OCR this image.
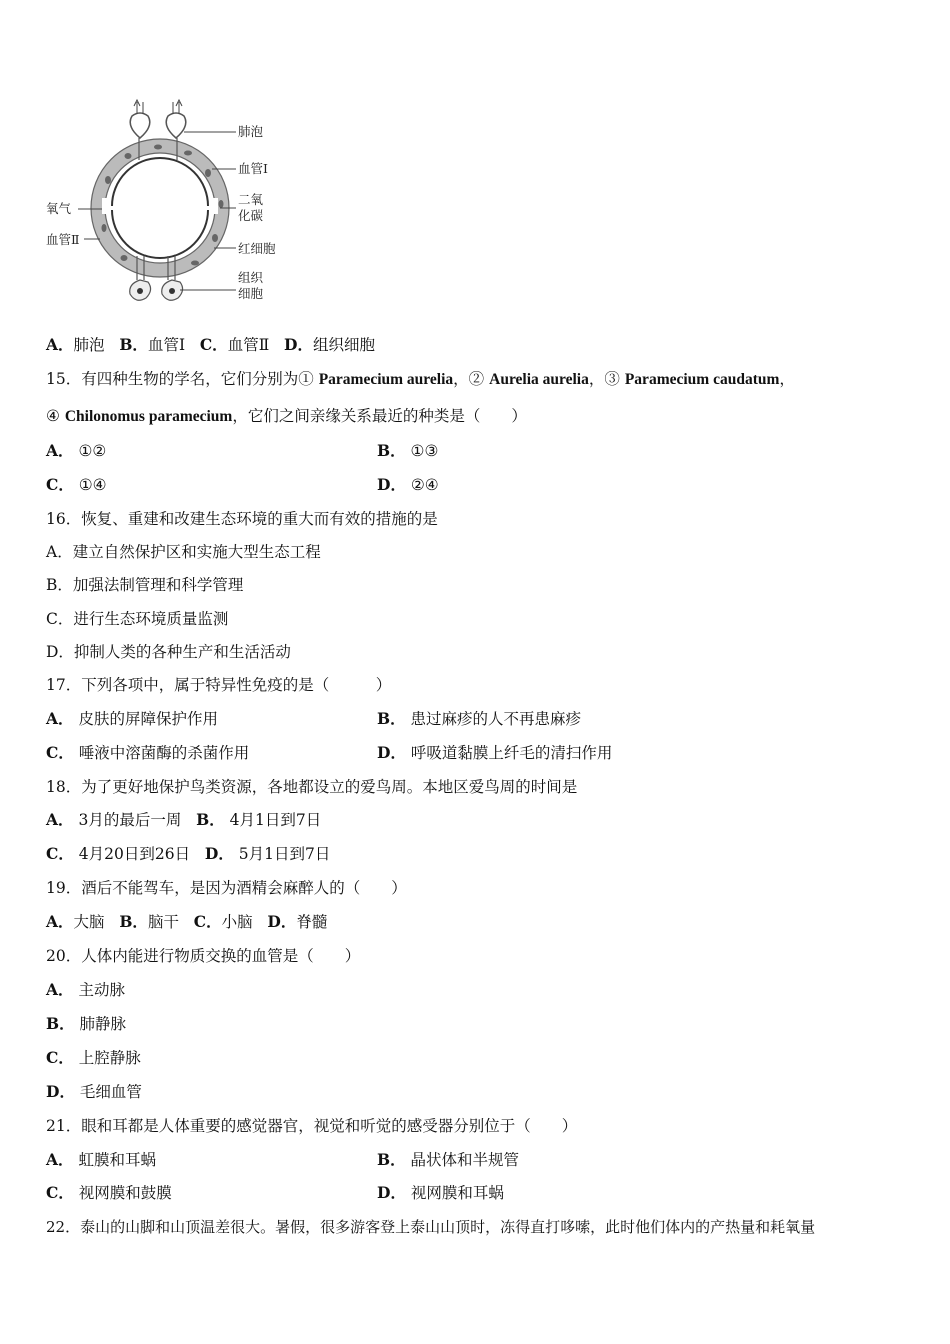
肺泡
血管Ⅰ
二氧
化碳
红细胞
组织
细胞
氧气
血管Ⅱ
A．肺泡 B．血管Ⅰ C．血管Ⅱ D．组织细胞
15．有四种生物的学名，它们分别为① Paramecium aurelia，② Aurelia aurelia，③ Paramecium caudatum，
④ Chilonomus paramecium，它们之间亲缘关系最近的种类是（　　）
A． ①②	B． ①③
C． ①④	D． ②④
16．恢复、重建和改建生态环境的重大而有效的措施的是
A．建立自然保护区和实施大型生态工程
B．加强法制管理和科学管理
C．进行生态环境质量监测
D．抑制人类的各种生产和生活活动
17．下列各项中，属于特异性免疫的是（　　　）
A． 皮肤的屏障保护作用	B． 患过麻疹的人不再患麻疹
C． 唾液中溶菌酶的杀菌作用	D． 呼吸道黏膜上纤毛的清扫作用
18．为了更好地保护鸟类资源，各地都设立的爱鸟周。本地区爱鸟周的时间是
A． 3月的最后一周 B． 4月1日到7日
C． 4月20日到26日 D． 5月1日到7日
19．酒后不能驾车，是因为酒精会麻醉人的（　　）
A．大脑 B．脑干 C．小脑 D．脊髓
20．人体内能进行物质交换的血管是（　　）
A． 主动脉
B． 肺静脉
C． 上腔静脉
D． 毛细血管
21．眼和耳都是人体重要的感觉器官，视觉和听觉的感受器分别位于（　　）
A． 虹膜和耳蜗	B． 晶状体和半规管
C． 视网膜和鼓膜	D． 视网膜和耳蜗
22．泰山的山脚和山顶温差很大。暑假，很多游客登上泰山山顶时，冻得直打哆嗦，此时他们体内的产热量和耗氧量
